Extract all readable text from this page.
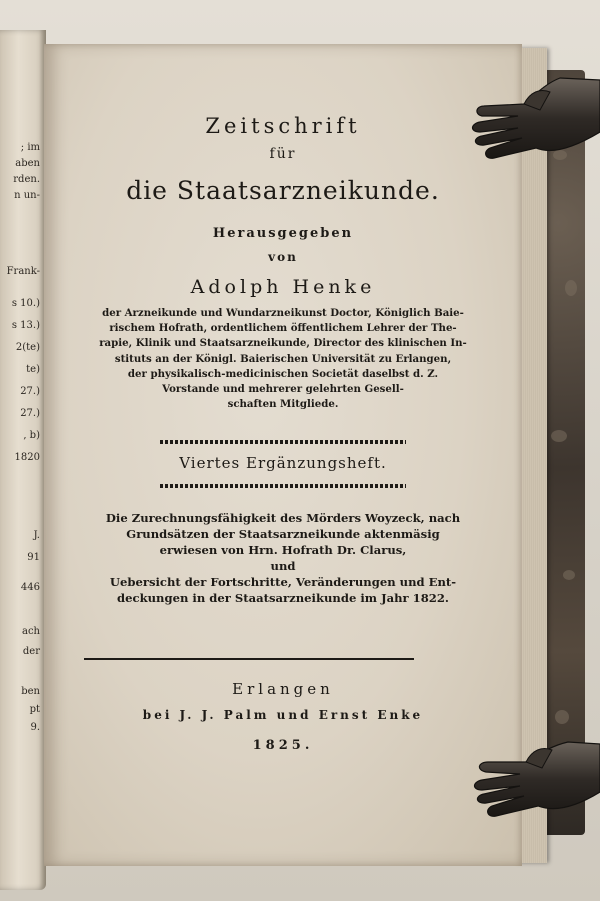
; im
aben
rden.
n un-
Frank-
s 10.)
s 13.)
2(te)
te)
27.)
27.)
, b)
1820
J.
91
446
ach
der
ben
pt
9.
Zeitschrift
für
die Staatsarzneikunde.
Herausgegeben
von
Adolph Henke
der Arzneikunde und Wundarzneikunst Doctor, Königlich Baie-
rischem Hofrath, ordentlichem öffentlichem Lehrer der The-
rapie, Klinik und Staatsarzneikunde, Director des klinischen In-
stituts an der Königl. Baierischen Universität zu Erlangen,
der physikalisch-medicinischen Societät daselbst d. Z.
Vorstande und mehrerer gelehrten Gesell-
schaften Mitgliede.
Viertes Ergänzungsheft.
Die Zurechnungsfähigkeit des Mörders Woyzeck, nach
Grundsätzen der Staatsarzneikunde aktenmäsig
erwiesen von Hrn. Hofrath Dr. Clarus,
und
Uebersicht der Fortschritte, Veränderungen und Ent-
deckungen in der Staatsarzneikunde im Jahr 1822.
Erlangen
bei J. J. Palm und Ernst Enke
1825.
